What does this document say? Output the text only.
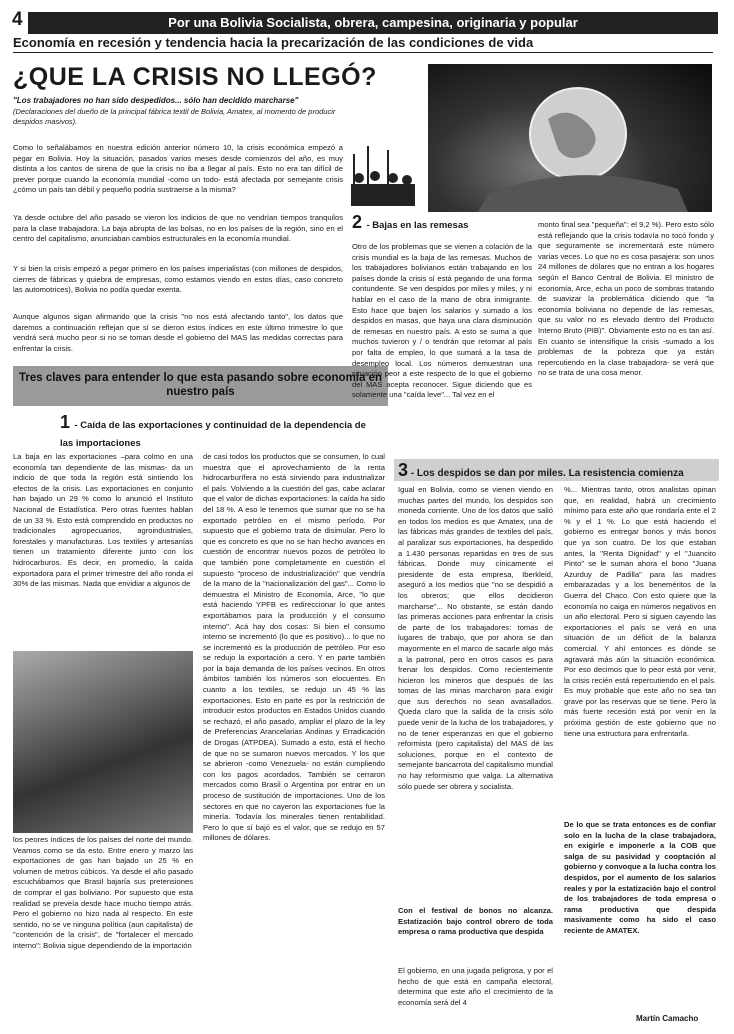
4	Por una Bolivia Socialista, obrera, campesina, originaria y popular
Economía en recesión y tendencia hacia la precarización de las condiciones de vida
¿QUE LA CRISIS NO LLEGÓ?
"Los trabajadores no han sido despedidos... sólo han decidido marcharse"
(Declaraciones del dueño de la principal fábrica textil de Bolivia, Amatex, al momento de producir despidos masivos).
Como lo señalábamos en nuestra edición anterior número 10, la crisis económica empezó a pegar en Bolivia. Hoy la situación, pasados varios meses desde comienzos del año, es muy distinta a los cantos de sirena de que la crisis no iba a llegar al país. Esto no era tan difícil de prever porque cuando la economía mundial -como un todo- está afectada por semejante crisis ¿cómo un país tan débil y pequeño podría sustraerse a la misma?
Ya desde octubre del año pasado se vieron los indicios de que no vendrían tiempos tranquilos para la clase trabajadora. La baja abrupta de las bolsas, no en los países de la región, sino en el centro del capitalismo, anunciaban cambios estructurales en la economía mundial.
Y si bien la crisis empezó a pegar primero en los países imperialistas (con millones de despidos, cierres de fábricas y quiebra de empresas, como estamos viendo en estos días, caso concreto las automotrices), Bolivia no podía quedar exenta.
Aunque algunos sigan afirmando que la crisis "no nos está afectando tanto", los datos que daremos a continuación reflejan que sí se dieron estos índices en este último trimestre lo que vendrá será mucho peor si no se toman desde el gobierno del MAS las medidas correctas para enfrentar la crisis.
Tres claves para entender lo que esta pasando sobre economía en nuestro país
1 - Caída de las exportaciones y continuidad de la dependencia de las importaciones
La baja en las exportaciones –para colmo en una economía tan dependiente de las mismas- da un indicio de que toda la región está sintiendo los efectos de la crisis. Las exportaciones en conjunto han bajado un 29 % como lo anunció el Instituto Nacional de Estadística. Pero otras fuentes hablan de un 33 %. Esto está comprendido en productos no tradicionales agropecuarios, agroindustriales, forestales y manufacturas. Los textiles y artesanías tienen un tratamiento diferente junto con los hidrocarburos. Es decir, en promedio, la caída exportadora para el primer trimestre del año ronda el 30% de las mismas. Nada que envidiar a algunos de
los peores índices de los países del norte del mundo. Veamos como se da esto. Entre enero y marzo las exportaciones de gas han bajado un 25 % en volumen de metros cúbicos. Ya desde el año pasado escuchábamos que Brasil bajaría sus pretensiones de comprar el gas boliviano. Por supuesto que esta realidad se preveía desde hace mucho tiempo atrás. Pero el gobierno no hizo nada al respecto. En este sentido, no se ve ninguna política (aun capitalista) de "contención de la crisis", de "fortalecer el mercado interno": Bolivia sigue dependiendo de la importación
de casi todos los productos que se consumen, lo cual muestra que el aprovechamiento de la renta hidrocarburífera no está sirviendo para industrializar el país. Volviendo a la cuestión del gas, cabe aclarar que el valor de dichas exportaciones: la caída ha sido del 18 %. A eso le tenemos que sumar que no se ha exportado petróleo en el mismo período. Por supuesto que el gobierno trata de disimular. Pero lo que es concreto es que no se han hecho avances en cuestión de encontrar nuevos pozos de petróleo lo que también pone completamente en cuestión el supuesto "proceso de industrialización" que vendría de la mano de la "nacionalización del gas"... Como lo demuestra el Ministro de Economía, Arce, "lo que está haciendo YPFB es redireccionar lo que antes exportábamos para la producción y el consumo interno". Acá hay dos cosas: Si bien el consumo interno se incrementó (lo que es positivo)... lo que no se incrementó es la producción de petróleo. Por eso se redujo la exportación a cero. Y en parte también por la baja demanda de los países vecinos. En otros ámbitos también los números son elocuentes. En cuanto a los textiles, se redujo un 45 % las exportaciones. Esto en parte es por la restricción de introducir estos productos en Estados Unidos cuando se rechazó, el año pasado, ampliar el plazo de la ley de Preferencias Arancelarias Andinas y Erradicación de Drogas (ATPDEA). Sumado a esto, está el hecho de que no se sumaron nuevos mercados. Y los que se abrieron -como Venezuela- no están cumpliendo con los pagos acordados. También se cerraron mercados como Brasil o Argentina por entrar en un proceso de sustitución de importaciones. Uno de los sectores en que no cayeron las exportaciones fue la minería. Todavía los minerales tienen rentabilidad. Pero lo que sí bajó es el valor, que se redujo en 57 millones de dólares.
2 - Bajas en las remesas
Otro de los problemas que se vienen a colación de la crisis mundial es la baja de las remesas. Muchos de los trabajadores bolivianos están trabajando en los países donde la crisis sí está pegando de una forma contundente. Se ven despidos por miles y miles, y ni hablar en el caso de la mano de obra inmigrante. Esto hace que bajen los salarios y sumado a los despidos en masas, que haya una clara disminución de remesas en nuestro país. A esto se suma a que muchos tuvieron y / o tendrán que retornar al país por falta de empleo, lo que sumará a la tasa de desempleo local. Los números demuestran una situación peor a este respecto de lo que el gobierno del MAS acepta reconocer. Sigue diciendo que es solamente una "caída leve"... Tal vez en el
monto final sea "pequeña": el 9,2 %). Pero esto sólo está reflejando que la crisis todavía no tocó fondo y que seguramente se incrementará este número varias veces. Lo que no es cosa pasajera: son unos 24 millones de dólares que no entran a los hogares según el Banco Central de Bolivia. El ministro de economía, Arce, echa un poco de sombras tratando de suavizar la problemática diciendo que "la economía boliviana no depende de las remesas, que su valor no es elevado dentro del Producto Interno Bruto (PIB)". Obviamente esto no es tan así. En cuanto se intensifique la crisis -sumado a los problemas de la pobreza que ya están repercutiendo en la clase trabajadora- se verá que no se trata de una cosa menor.
3 - Los despidos se dan por miles. La resistencia comienza
Igual en Bolivia, como se vienen viendo en muchas partes del mundo, los despidos son moneda corriente. Uno de los datos que salió en todos los medios es que Amatex, una de las fábricas más grandes de textiles del país, al paralizar sus exportaciones, ha despedido a 1.430 personas repartidas en tres de sus fábricas. Donde muy cínicamente el presidente de esta empresa, Iberkleid, aseguró a los medios que "no se despidió a los obreros; que ellos decidieron marcharse"... No obstante, se están dando las primeras acciones para enfrentar la crisis de parte de los trabajadores: tomas de lugares de trabajo, que por ahora se dan mayormente en el marco de sacarle algo más a la patronal, pero en otros casos es para frenar los despidos. Como recientemente hicieron los mineros que después de las tomas de las minas marcharon para exigir que sus derechos no sean avasallados. Queda claro que la salida de la crisis sólo puede venir de la lucha de los trabajadores, y no de tener esperanzas en que el gobierno reformista (pero capitalista) del MAS dé las soluciones, porque en el contexto de semejante bancarrota del capitalismo mundial no hay reformismo que valga. La alternativa sólo puede ser obrera y socialista.
Con el festival de bonos no alcanza. Estatización bajo control obrero de toda empresa o rama productiva que despida
El gobierno, en una jugada peligrosa, y por el hecho de que está en campaña electoral, determina que este año el crecimiento de la economía será del 4
%... Mientras tanto, otros analistas opinan que, en realidad, habrá un crecimiento mínimo para este año que rondaría ente el 2 % y el 1 %. Lo que está haciendo el gobierno es entregar bonos y más bonos que ya son cuatro. De los que estaban antes, la "Renta Dignidad" y el "Juancito Pinto" se le suman ahora el bono "Juana Azurduy de Padilla" para las madres embarazadas y a los beneméritos de la Guerra del Chaco. Con esto quiere que la economía no caiga en números negativos en un año electoral. Pero si siguen cayendo las exportaciones el país se verá en una situación de un déficit de la balanza comercial. Y ahí entonces es dónde se agravará más aún la situación económica. Por eso decimos que lo peor está por venir, la crisis recién está repercutiendo en el país. Es muy probable que este año no sea tan grave por las reservas que se tiene. Pero la más fuerte recesión está por venir en la próxima gestión de este gobierno que no tiene una estructura para enfrentarla.
De lo que se trata entonces es de confiar solo en la lucha de la clase trabajadora, en exigirle e imponerle a la COB que salga de su pasividad y cooptación al gobierno y convoque a la lucha contra los despidos, por el aumento de los salarios reales y por la estatización bajo el control de los trabajadores de toda empresa o rama productiva que despida masivamente como ha sido el caso reciente de AMATEX.
Martín Camacho
